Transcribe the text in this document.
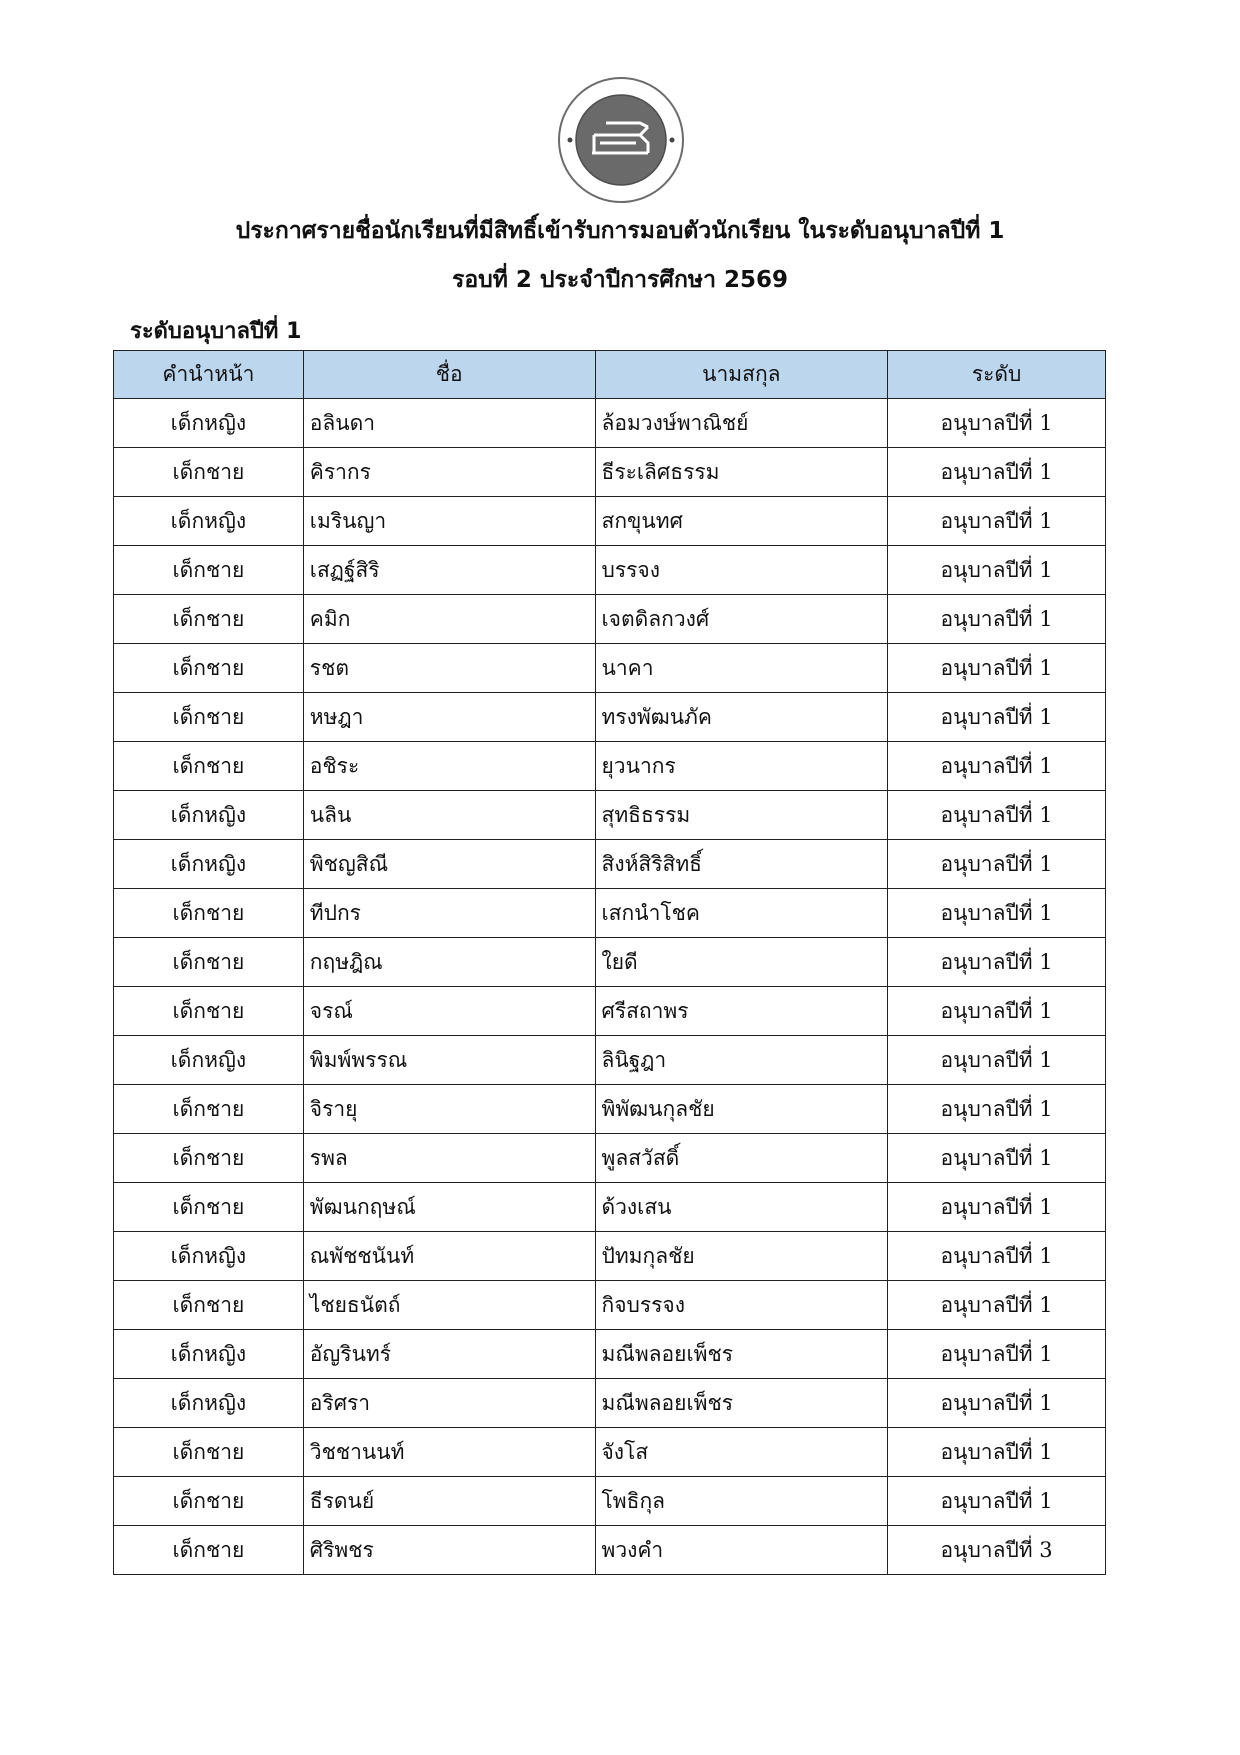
ประกาศรายชื่อนักเรียนที่มีสิทธิ์เข้ารับการมอบตัวนักเรียน ในระดับอนุบาลปีที่ 1
รอบที่ 2 ประจำปีการศึกษา 2569
ระดับอนุบาลปีที่ 1
คำนำหน้า	ชื่อ	นามสกุล	ระดับ
เด็กหญิง	อลินดา	ล้อมวงษ์พาณิชย์	อนุบาลปีที่ 1
เด็กชาย	คิรากร	ธีระเลิศธรรม	อนุบาลปีที่ 1
เด็กหญิง	เมรินญา	สกขุนทศ	อนุบาลปีที่ 1
เด็กชาย	เสฏฐ์สิริ	บรรจง	อนุบาลปีที่ 1
เด็กชาย	คมิก	เจตดิลกวงศ์	อนุบาลปีที่ 1
เด็กชาย	รชต	นาคา	อนุบาลปีที่ 1
เด็กชาย	หษฎา	ทรงพัฒนภัค	อนุบาลปีที่ 1
เด็กชาย	อชิระ	ยุวนากร	อนุบาลปีที่ 1
เด็กหญิง	นลิน	สุทธิธรรม	อนุบาลปีที่ 1
เด็กหญิง	พิชญสิณี	สิงห์สิริสิทธิ์	อนุบาลปีที่ 1
เด็กชาย	ทีปกร	เสกนำโชค	อนุบาลปีที่ 1
เด็กชาย	กฤษฎิณ	ใยดี	อนุบาลปีที่ 1
เด็กชาย	จรณ์	ศรีสถาพร	อนุบาลปีที่ 1
เด็กหญิง	พิมพ์พรรณ	ลินิฐฎา	อนุบาลปีที่ 1
เด็กชาย	จิรายุ	พิพัฒนกุลชัย	อนุบาลปีที่ 1
เด็กชาย	รพล	พูลสวัสดิ์	อนุบาลปีที่ 1
เด็กชาย	พัฒนกฤษณ์	ด้วงเสน	อนุบาลปีที่ 1
เด็กหญิง	ณพัชชนันท์	ปัทมกุลชัย	อนุบาลปีที่ 1
เด็กชาย	ไชยธนัตถ์	กิจบรรจง	อนุบาลปีที่ 1
เด็กหญิง	อัญรินทร์	มณีพลอยเพ็ชร	อนุบาลปีที่ 1
เด็กหญิง	อริศรา	มณีพลอยเพ็ชร	อนุบาลปีที่ 1
เด็กชาย	วิชชานนท์	จังโส	อนุบาลปีที่ 1
เด็กชาย	ธีรดนย์	โพธิกุล	อนุบาลปีที่ 1
เด็กชาย	ศิริพชร	พวงคำ	อนุบาลปีที่ 3
